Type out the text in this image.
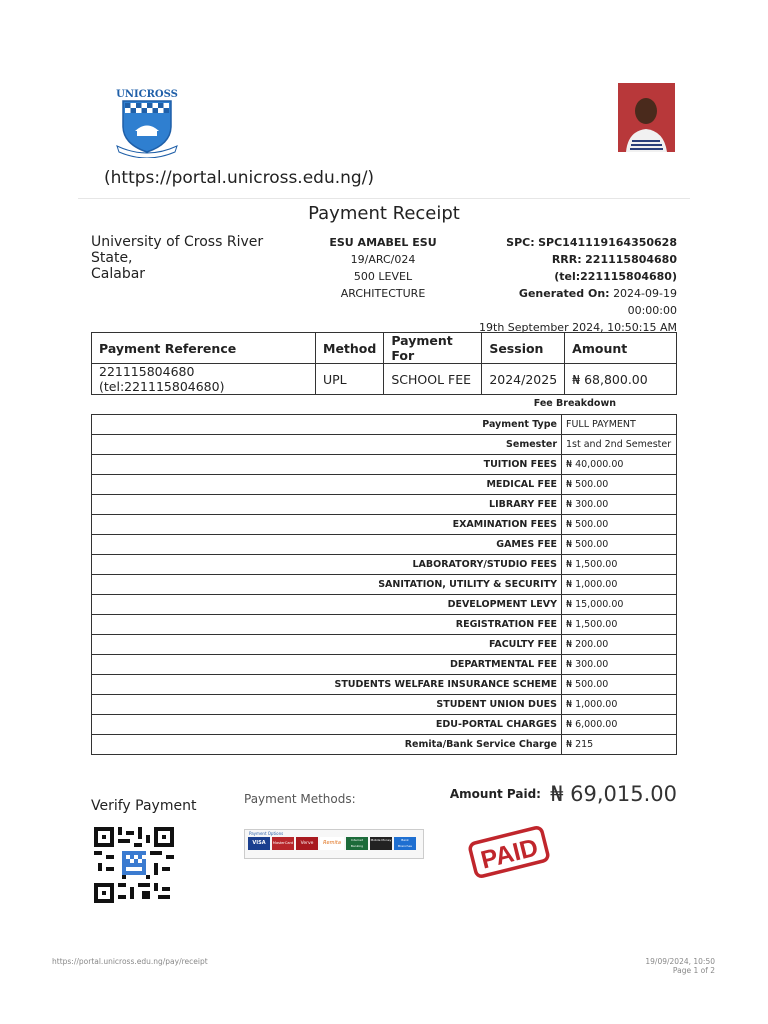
UNICROSS
(https://portal.unicross.edu.ng/)
Payment Receipt
University of Cross River
State,
Calabar
ESU AMABEL ESU
19/ARC/024
500 LEVEL
ARCHITECTURE
SPC: SPC141119164350628
RRR: 221115804680
(tel:221115804680)
Generated On: 2024-09-19
00:00:00
19th September 2024, 10:50:15 AM
Payment Reference	Method	Payment For	Session	Amount
221115804680 (tel:221115804680)	UPL	SCHOOL FEE	2024/2025	₦ 68,800.00
Fee Breakdown
Payment Type	FULL PAYMENT
Semester	1st and 2nd Semester
TUITION FEES	₦ 40,000.00
MEDICAL FEE	₦ 500.00
LIBRARY FEE	₦ 300.00
EXAMINATION FEES	₦ 500.00
GAMES FEE	₦ 500.00
LABORATORY/STUDIO FEES	₦ 1,500.00
SANITATION, UTILITY & SECURITY	₦ 1,000.00
DEVELOPMENT LEVY	₦ 15,000.00
REGISTRATION FEE	₦ 1,500.00
FACULTY FEE	₦ 200.00
DEPARTMENTAL FEE	₦ 300.00
STUDENTS WELFARE INSURANCE SCHEME	₦ 500.00
STUDENT UNION DUES	₦ 1,000.00
EDU-PORTAL CHARGES	₦ 6,000.00
Remita/Bank Service Charge	₦ 215
Verify Payment	Payment Methods:
Payment Options
VISA	MasterCard	Verve	Remita	Internet Banking
Mobile Money	Bank Branches
Amount Paid: ₦ 69,015.00
PAID
https://portal.unicross.edu.ng/pay/receipt	19/09/2024, 10:50
Page 1 of 2
